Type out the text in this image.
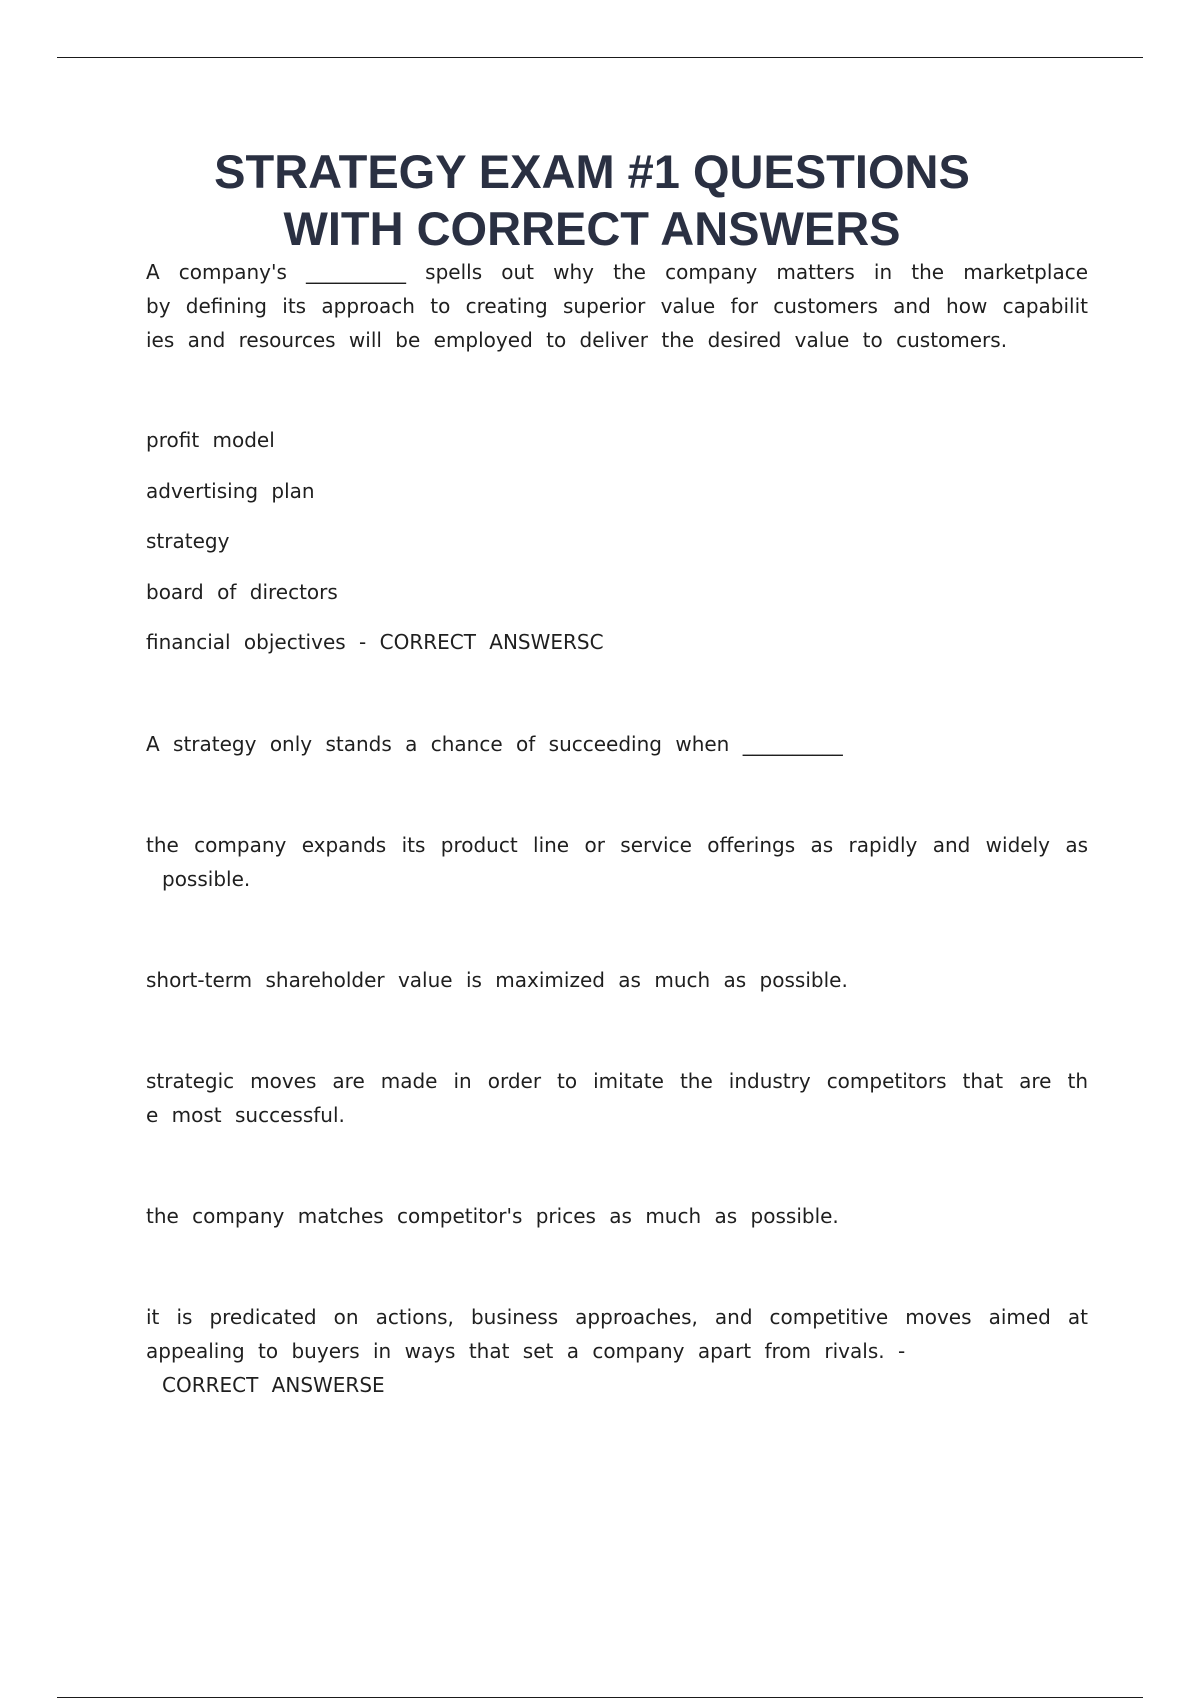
STRATEGY EXAM #1 QUESTIONS
WITH CORRECT ANSWERS
A company's __________ spells out why the company matters in the marketplace
by defining its approach to creating superior value for customers and how capabilit
ies and resources will be employed to deliver the desired value to customers.
profit model
advertising plan
strategy
board of directors
financial objectives - CORRECT ANSWERSC
A strategy only stands a chance of succeeding when __________
the company expands its product line or service offerings as rapidly and widely as
possible.
short-term shareholder value is maximized as much as possible.
strategic moves are made in order to imitate the industry competitors that are th
e most successful.
the company matches competitor's prices as much as possible.
it is predicated on actions, business approaches, and competitive moves aimed at
appealing to buyers in ways that set a company apart from rivals. -
CORRECT ANSWERSE
